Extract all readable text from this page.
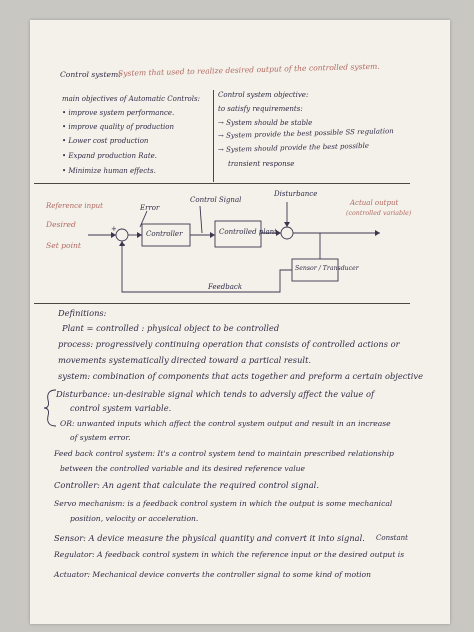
Control system:
System that used to realize desired output of the controlled system.
main objectives of Automatic Controls:
• improve system performance.
• improve quality of production
• Lower cost production
• Expand production Rate.
• Minimize human effects.
Control system objective:
to satisfy requirements:
→ System should be stable
→ System provide the best possible SS regulation
→ System should provide the best possible
transient response
Reference input
Desired
Set point
+
-
Error
Controller
Control Signal
Controlled plant
Disturbance
Actual output
(controlled variable)
Sensor / Transducer
Feedback
Definitions:
Plant = controlled : physical object to be controlled
process: progressively continuing operation that consists of controlled actions or
movements systematically directed toward a partical result.
system: combination of components that acts together and preform a certain objective
Disturbance: un-desirable signal which tends to adversly affect the value of
control system variable.
OR: unwanted inputs which affect the control system output and result in an increase
of system error.
Feed back control system: It's a control system tend to maintain prescribed relationship
between the controlled variable and its desired reference value
Controller: An agent that calculate the required control signal.
Servo mechanism: is a feedback control system in which the output is some mechanical
position, velocity or acceleration.
Sensor: A device measure the physical quantity and convert it into signal. Constant
Regulator: A feedback control system in which the reference input or the desired output is
Actuator: Mechanical device converts the controller signal to some kind of motion
